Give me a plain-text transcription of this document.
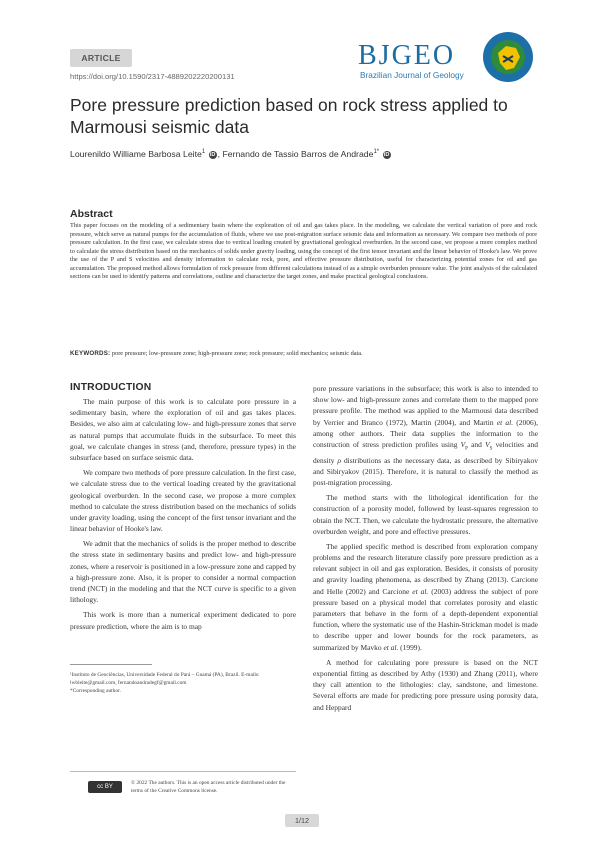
ARTICLE
https://doi.org/10.1590/2317-4889202220200131
BJGEO
Brazilian Journal of Geology
Pore pressure prediction based on rock stress applied to Marmousi seismic data
Lourenildo Williame Barbosa Leite$^1$ iD , Fernando de Tassio Barros de Andrade$^{1*}$ iD
Abstract
This paper focuses on the modeling of a sedimentary basin where the exploration of oil and gas takes place. In the modeling, we calculate the vertical variation of pore and rock pressure, which serve as natural pumps for the accumulation of fluids, where we use post-migration surface seismic data and information as necessary. We compare two methods of pore pressure calculation. In the first case, we calculate stress due to vertical loading created by gravitational geological overburden. In the second case, we propose a more complex method to calculate the stress distribution based on the mechanics of solids under gravity loading, using the concept of the first tensor invariant and the linear behavior of Hooke's law. We prove the use of the P and S velocities and density information to calculate rock, pore, and effective pressure distribution, useful for characterizing potential zones for oil and gas accumulation. The proposed method allows formulation of rock pressure from different calculations instead of as a simple overburden pressure value. The joint analysis of the calculated sections can be used to identify patterns and correlations, outline and characterize the target zones, and make practical geological conclusions.
KEYWORDS: pore pressure; low-pressure zone; high-pressure zone; rock pressure; solid mechanics; seismic data.
INTRODUCTION

The main purpose of this work is to calculate pore pressure in a sedimentary basin, where the exploration of oil and gas takes places. Besides, we also aim at calculating low- and high-pressure zones that serve as natural pumps that accumulate fluids in the subsurface. To meet this goal, we calculate changes in stress (and, therefore, pressure types) in the subsurface based on surface seismic data.

We compare two methods of pore pressure calculation. In the first case, we calculate stress due to the vertical loading created by the gravitational geological overburden. In the second case, we propose a more complex method to calculate the stress distribution based on the mechanics of solids under gravity loading, using the concept of the first tensor invariant and the linear behavior of Hooke's law.

We admit that the mechanics of solids is the proper method to describe the stress state in sedimentary basins and predict low- and high-pressure zones, where a reservoir is positioned in a low-pressure zone and capped by a high-pressure zone. Also, it is proper to consider a normal compaction trend (NCT) in the modeling and that the NCT curve is specific to a given lithology.

This work is more than a numerical experiment dedicated to pore pressure prediction, where the aim is to map

pore pressure variations in the subsurface; this work is also to intended to show low- and high-pressure zones and correlate them to the mapped pore pressure profile. The method was applied to the Marmousi data described by Verrier and Branco (1972), Martin (2004), and Martin et al. (2006), among other authors. Their data supplies the information to the construction of stress prediction profiles using $V_P$ and $V_S$ velocities and density ρ distributions as the necessary data, as described by Sibiryakov and Sibiryakov (2015). Therefore, it is natural to classify the method as post-migration processing.

The method starts with the lithological identification for the construction of a porosity model, followed by least-squares regression to obtain the NCT. Then, we calculate the hydrostatic pressure, the alternative overburden weight, and pore and effective pressures.

The applied specific method is described from exploration company problems and the research literature classify pore pressure prediction as a relevant subject in oil and gas exploration. Besides, it consists of porosity and gravity loading phenomena, as described by Zhang (2013). Carcione and Helle (2002) and Carcione et al. (2003) address the subject of pore pressure based on a physical model that correlates porosity and elastic parameters that behave in the form of a depth-dependent exponential function, where the systematic use of the Hashin-Strickman model is made to describe upper and lower bounds for the rock parameters, as summarized by Mavko et al. (1999).

A method for calculating pore pressure is based on the NCT exponential fitting as described by Athy (1930) and Zhang (2011), where they call attention to the lithologies: clay, sandstone, and limestone. Several efforts are made for predicting pore pressure using porosity data, and Heppard

¹Instituto de Geociências, Universidade Federal do Pará – Guamá (PA), Brazil. E-mails: lwbleite@gmail.com, fernandoandradegf@gmail.com
*Corresponding author.
cc BY
© 2022 The authors. This is an open access article distributed under the terms of the Creative Commons license.
1/12
